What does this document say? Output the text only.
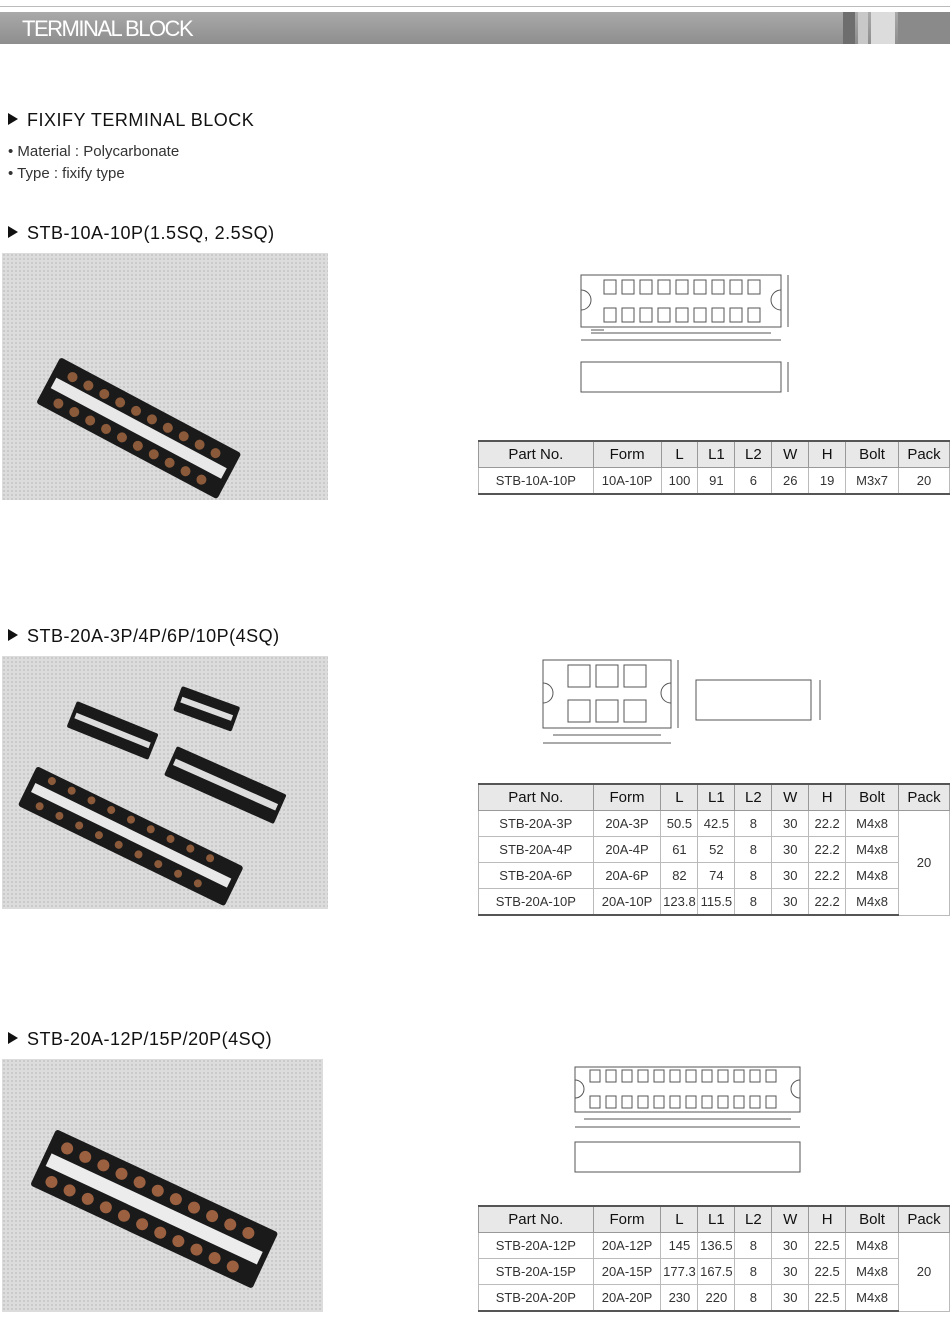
TERMINAL BLOCK
FIXIFY TERMINAL BLOCK
• Material : Polycarbonate
• Type : fixify type
STB-10A-10P(1.5SQ, 2.5SQ)
Part No.	Form	L	L1	L2	W	H	Bolt	Pack
STB-10A-10P	10A-10P	100	91	6	26	19	M3x7	20
STB-20A-3P/4P/6P/10P(4SQ)
Part No.	Form	L	L1	L2	W	H	Bolt	Pack
STB-20A-3P	20A-3P	50.5	42.5	8	30	22.2	M4x8	20
STB-20A-4P	20A-4P	61	52	8	30	22.2	M4x8	
STB-20A-6P	20A-6P	82	74	8	30	22.2	M4x8	
STB-20A-10P	20A-10P	123.8	115.5	8	30	22.2	M4x8	
STB-20A-12P/15P/20P(4SQ)
Part No.	Form	L	L1	L2	W	H	Bolt	Pack
STB-20A-12P	20A-12P	145	136.5	8	30	22.5	M4x8	20
STB-20A-15P	20A-15P	177.3	167.5	8	30	22.5	M4x8	
STB-20A-20P	20A-20P	230	220	8	30	22.5	M4x8	
